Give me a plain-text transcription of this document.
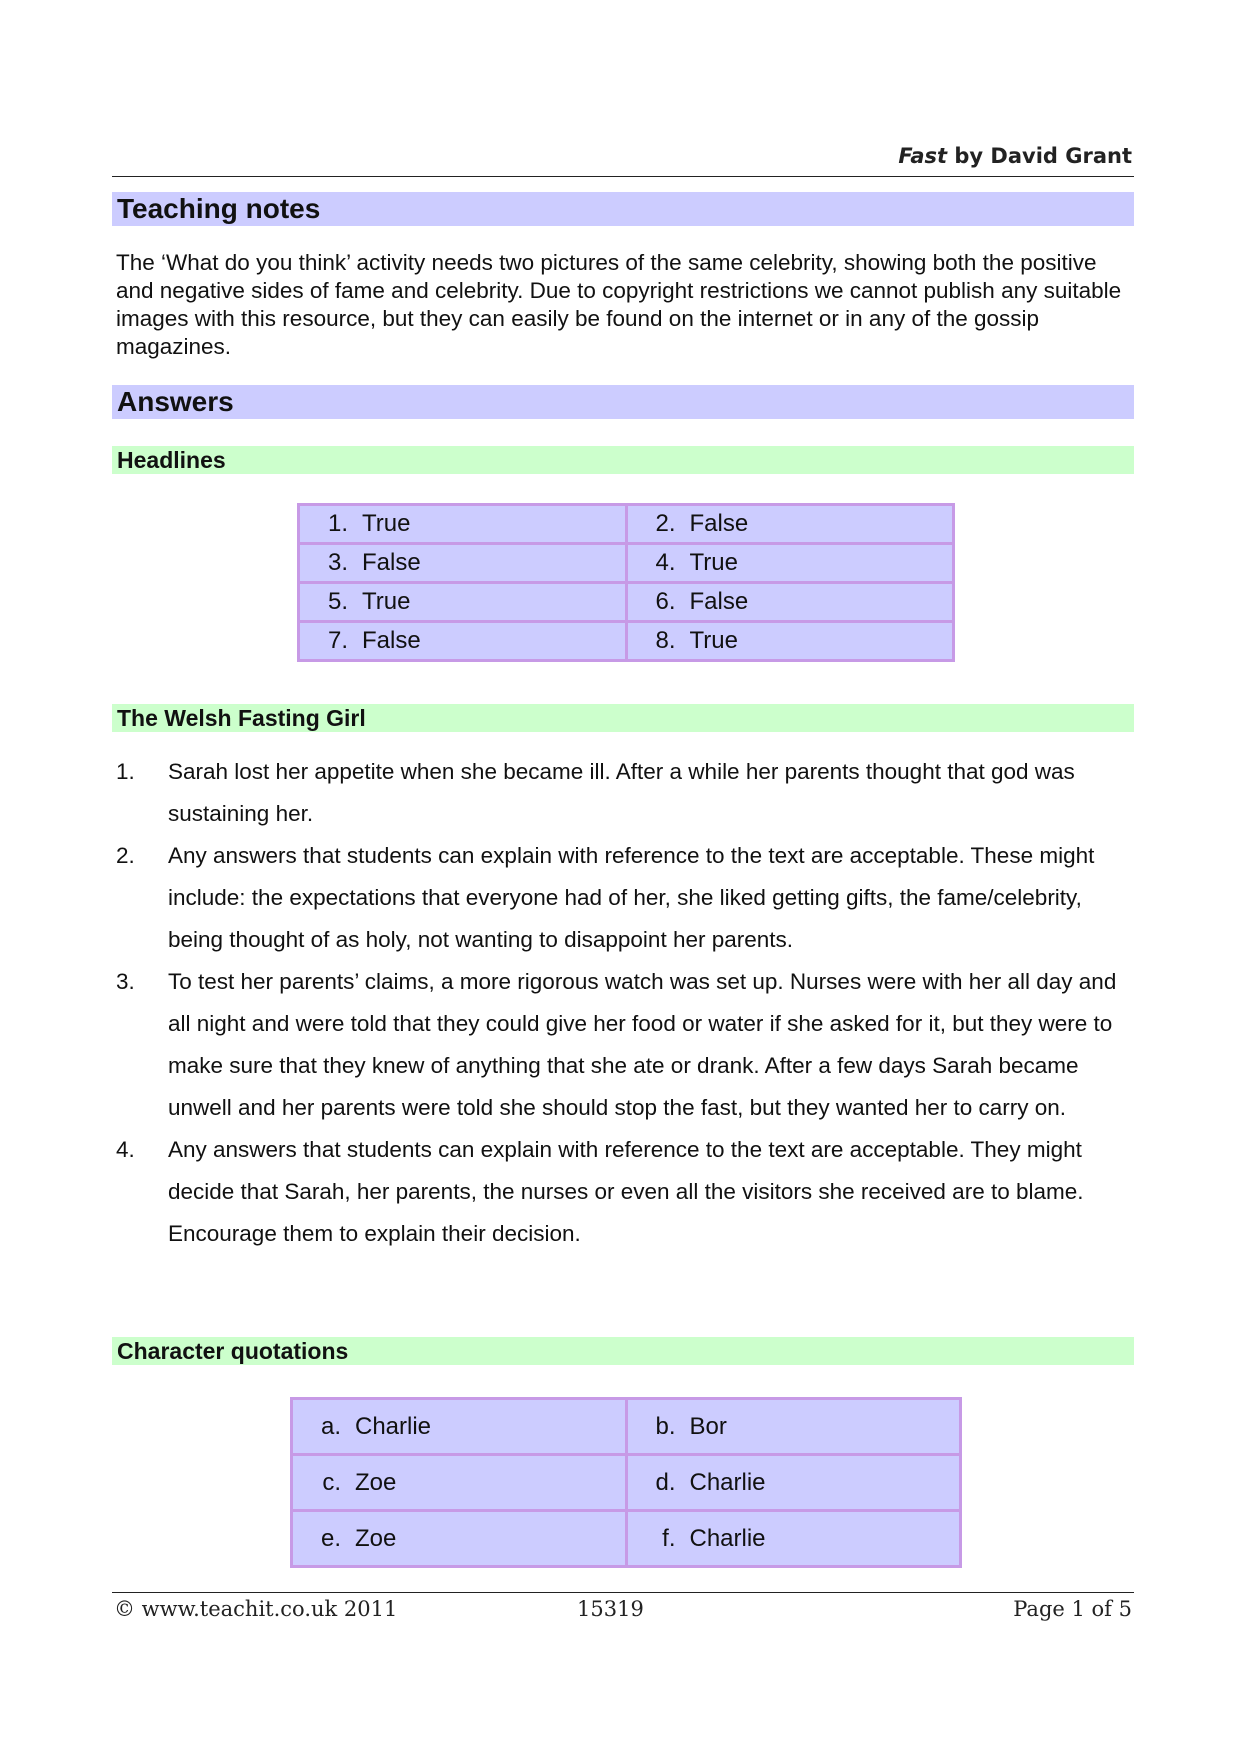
Fast by David Grant
Teaching notes

The ‘What do you think’ activity needs two pictures of the same celebrity, showing both the positive and negative sides of fame and celebrity. Due to copyright restrictions we cannot publish any suitable images with this resource, but they can easily be found on the internet or in any of the gossip magazines.

Answers
Headlines
1. True	2. False
3. False	4. True
5. True	6. False
7. False	8. True
The Welsh Fasting Girl
1. Sarah lost her appetite when she became ill. After a while her parents thought that god was sustaining her.
2. Any answers that students can explain with reference to the text are acceptable. These might include: the expectations that everyone had of her, she liked getting gifts, the fame/celebrity, being thought of as holy, not wanting to disappoint her parents.
3. To test her parents’ claims, a more rigorous watch was set up. Nurses were with her all day and all night and were told that they could give her food or water if she asked for it, but they were to make sure that they knew of anything that she ate or drank. After a few days Sarah became unwell and her parents were told she should stop the fast, but they wanted her to carry on.
4. Any answers that students can explain with reference to the text are acceptable. They might decide that Sarah, her parents, the nurses or even all the visitors she received are to blame. Encourage them to explain their decision.
Character quotations
a. Charlie	b. Bor
c. Zoe	d. Charlie
e. Zoe	f. Charlie
© www.teachit.co.uk 2011	15319	Page 1 of 5
